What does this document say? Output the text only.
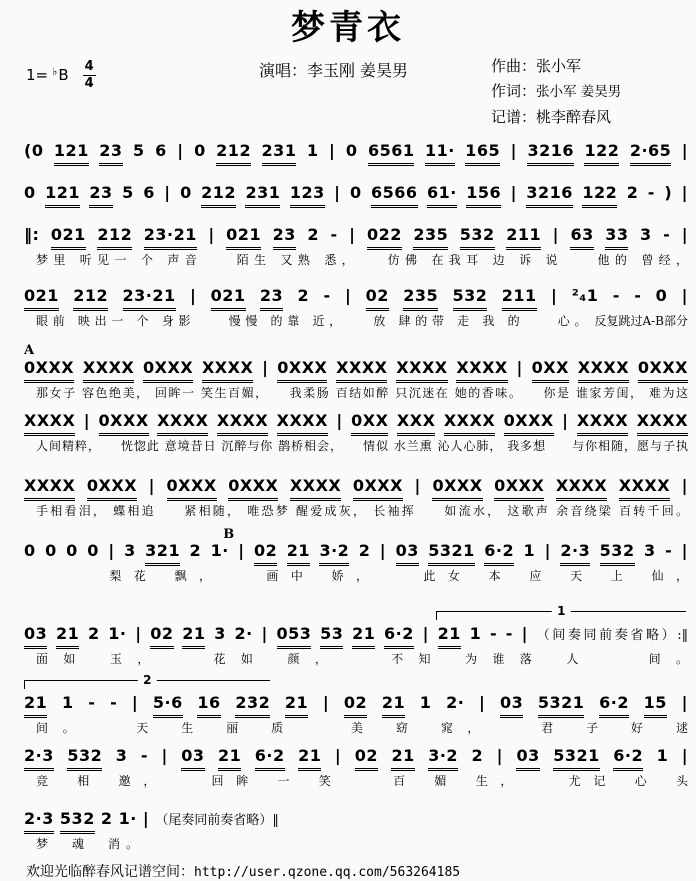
梦青衣
1= ♭ B $\frac{4}{4}$	演唱：李玉刚 姜昊男	作曲：张小军
作词：张小军 姜昊男
记谱：桃李醉春风
(0 121 23 5 6 | 0 212 231 1 | 0 6561 11· 165 | 3216 122 2·65 |
0 121 23 5 6 | 0 212 231 123 | 0 6566 61· 156 | 3216 122 2 - ) |
‖: 021 212 23·21 | 021 23 2 - | 022 235 532 211 | 63 33 3 - |
梦里 听见一 个 声音　　陌生 又熟 悉，　　仿佛 在我耳 边 诉 说　　他的 曾经，
021 212 23·21 | 021 23 2 - | 02 235 532 211 | ²₄1 - - 0 |
眼前 映出一 个 身影　　慢慢 的靠 近，　　放 肆的带 走 我 的　　心。 反复跳过A-B部分
A
0XXX XXXX 0XXX XXXX | 0XXX XXXX XXXX XXXX | 0XX XXXX 0XXX
那女子 容色绝美， 回眸一 笑生百媚，　　我柔肠 百结如醉 只沉迷在 她的香味。　　你是 谁家芳闺， 难为这
XXXX | 0XXX XXXX XXXX XXXX | 0XX XXX XXXX 0XXX | XXXX XXXX
人间精粹，　　恍惚此 意境昔日 沉醉与你 鹊桥相会，　　情似 水兰熏 沁人心肺， 我多想　　与你相随，愿与子执
XXXX 0XXX | 0XXX 0XXX XXXX 0XXX | 0XXX 0XXX XXXX XXXX |
手相看泪， 蝶相追　　紧相随， 唯恐梦 醒爱成灰， 长袖挥　　如流水， 这歌声 余音绕梁 百转千回。
B
0 0 0 0 | 3 321 2 1· | 02 21 3·2 2 | 03 5321 6·2 1 | 2·3 532 3 - |
　　　梨花 飘，　　画中 娇，　　此女 本 应 天 上 仙，
1
03 21 2 1· | 02 21 3 2· | 053 53 21 6·2 | 21 1 - - | （间奏同前奏省略）:‖
面如 玉，　　花如 颜，　　不知 为谁落 人　　间。
2
21 1 - - | 5·6 16 232 21 | 02 21 1 2· | 03 5321 6·2 15 |
间。　　天 生 丽 质　　美 窈 窕，　　君 子 好 逑
2·3 532 3 - | 03 21 6·2 21 | 02 21 3·2 2 | 03 5321 6·2 1 |
竞 相 邀，　　回眸 一 笑　　百 媚 生，　　尤记 心 头
2·3 532 2 1· | （尾奏同前奏省略）‖
梦　魂　消。
欢迎光临醉春风记谱空间：http://user.qzone.qq.com/563264185
